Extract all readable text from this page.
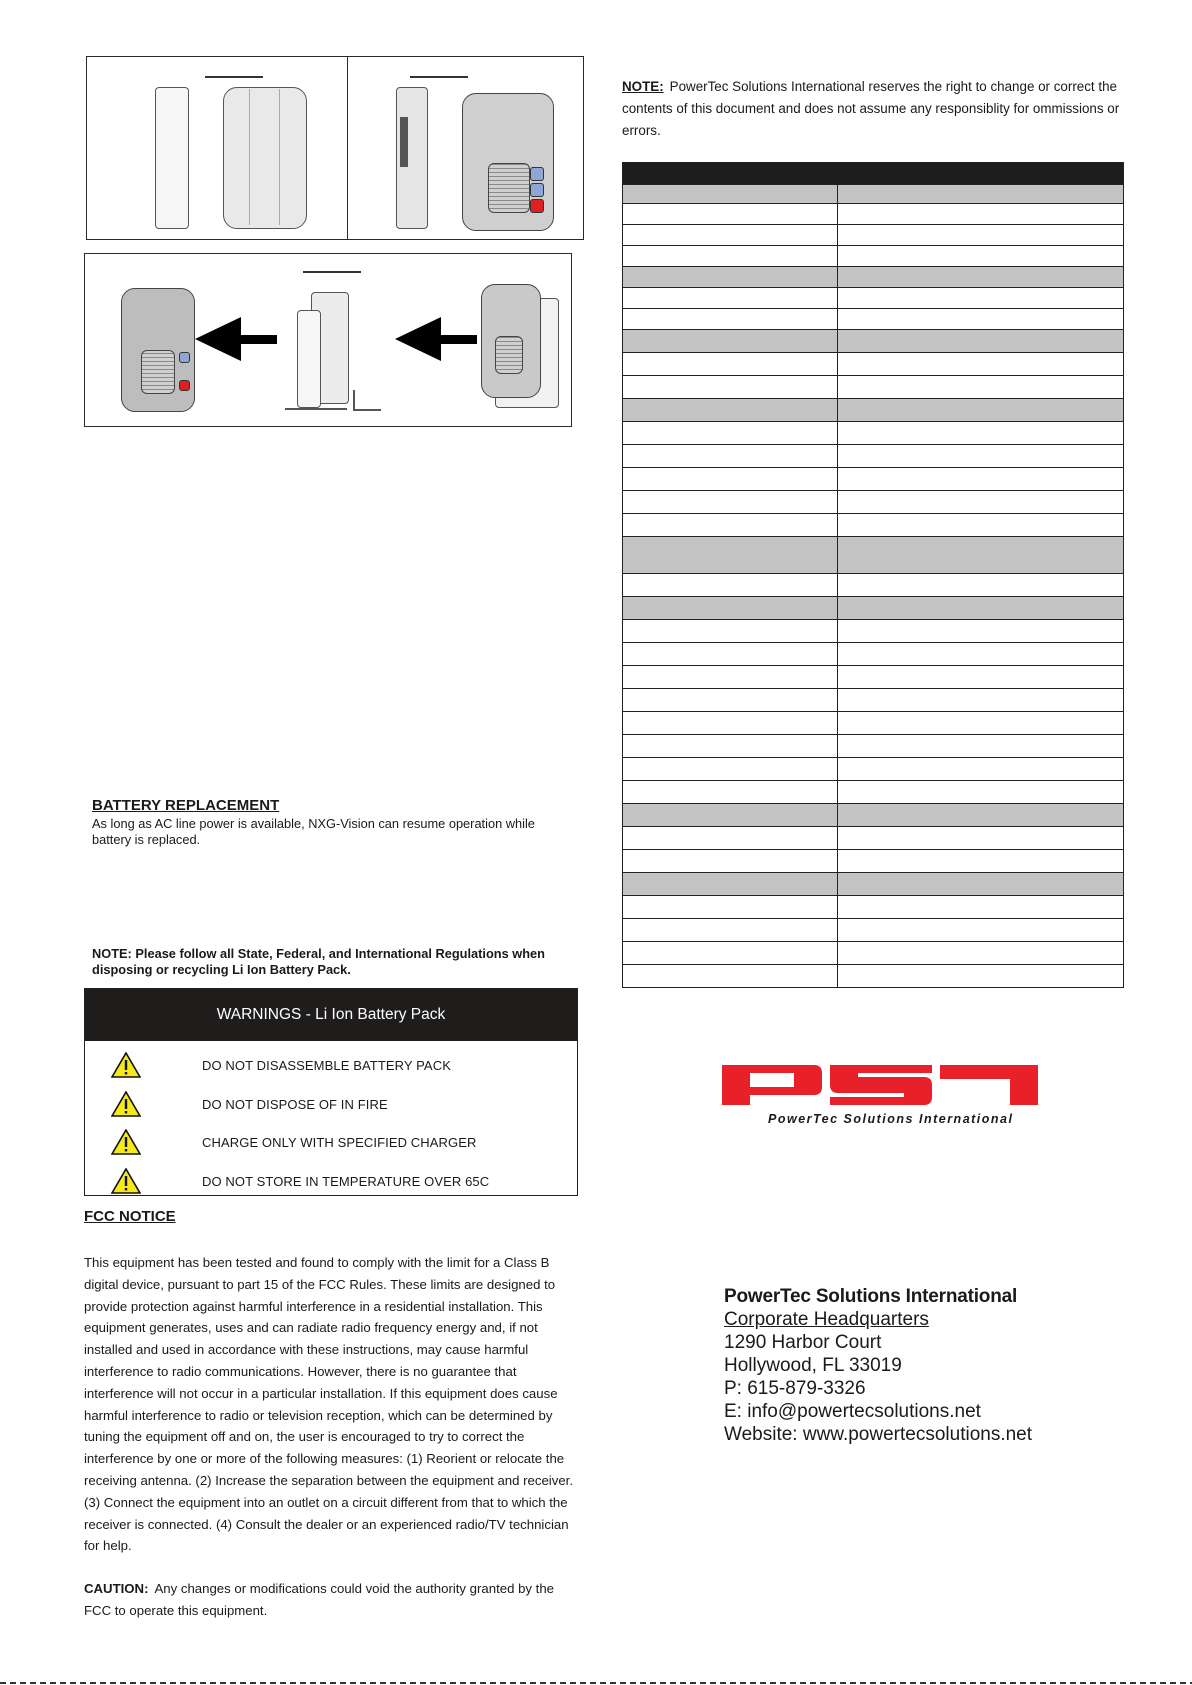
NOTE: PowerTec Solutions International reserves the right to change or correct the contents of this document and does not assume any responsiblity for ommissions or errors.
BATTERY REPLACEMENT
As long as AC line power is available, NXG-Vision can resume operation while battery is replaced.
NOTE: Please follow all State, Federal, and International Regulations when disposing or recycling Li Ion Battery Pack.
WARNINGS - Li Ion Battery Pack
DO NOT DISASSEMBLE BATTERY PACK
DO NOT DISPOSE OF IN FIRE
CHARGE ONLY WITH SPECIFIED CHARGER
DO NOT STORE IN TEMPERATURE OVER 65C
FCC NOTICE
This equipment has been tested and found to comply with the limit for a Class B digital device, pursuant to part 15 of the FCC Rules. These limits are designed to provide protection against harmful interference in a residential installation. This equipment generates, uses and can radiate radio frequency energy and, if not installed and used in accordance with these instructions, may cause harmful interference to radio communications. However, there is no guarantee that interference will not occur in a particular installation. If this equipment does cause harmful interference to radio or television reception, which can be determined by tuning the equipment off and on, the user is encouraged to try to correct the interference by one or more of the following measures: (1) Reorient or relocate the receiving antenna. (2) Increase the separation between the equipment and receiver. (3) Connect the equipment into an outlet on a circuit different from that to which the receiver is connected. (4) Consult the dealer or an experienced radio/TV technician for help.
CAUTION: Any changes or modifications could void the authority granted by the FCC to operate this equipment.
PowerTec Solutions International
PowerTec Solutions International
Corporate Headquarters
1290 Harbor Court
Hollywood, FL 33019
P: 615-879-3326
E: info@powertecsolutions.net
Website: www.powertecsolutions.net
